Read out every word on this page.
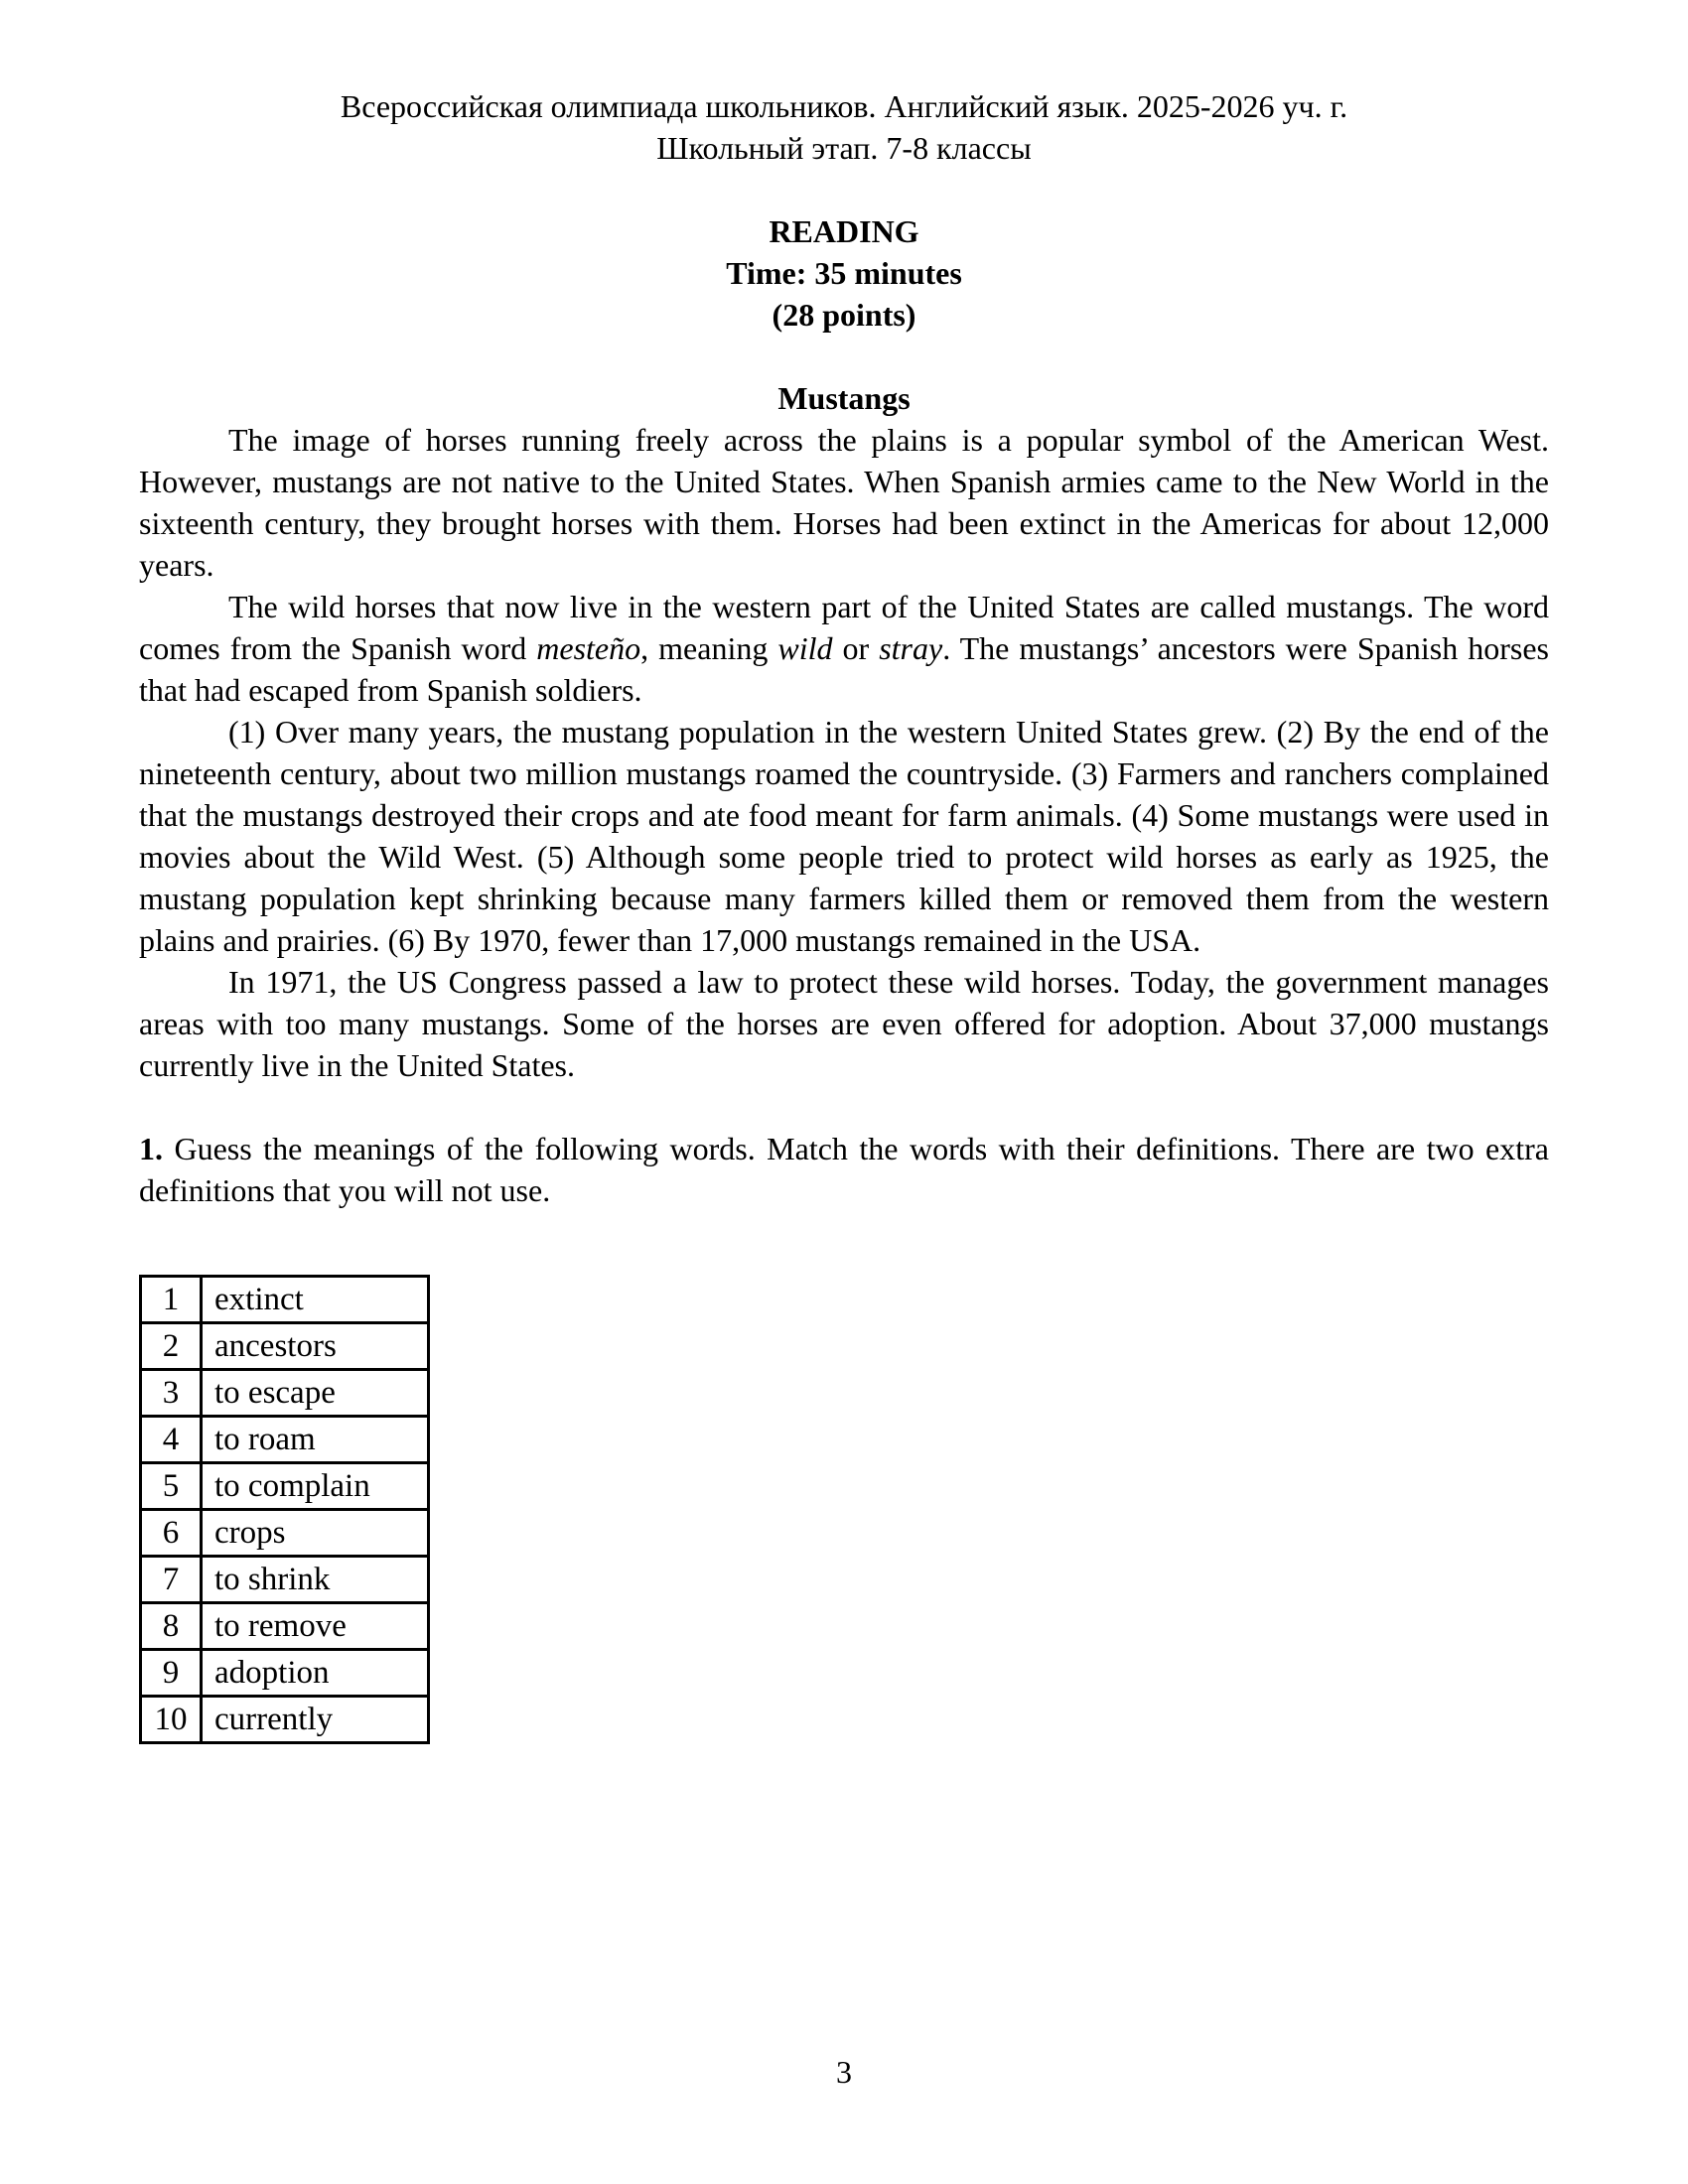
Всероссийская олимпиада школьников. Английский язык. 2025-2026 уч. г.
Школьный этап. 7-8 классы
READING
Time: 35 minutes
(28 points)
Mustangs

The image of horses running freely across the plains is a popular symbol of the American West. However, mustangs are not native to the United States. When Spanish armies came to the New World in the sixteenth century, they brought horses with them. Horses had been extinct in the Americas for about 12,000 years.

The wild horses that now live in the western part of the United States are called mustangs. The word comes from the Spanish word mesteño, meaning wild or stray. The mustangs’ ancestors were Spanish horses that had escaped from Spanish soldiers.

(1) Over many years, the mustang population in the western United States grew. (2) By the end of the nineteenth century, about two million mustangs roamed the countryside. (3) Farmers and ranchers complained that the mustangs destroyed their crops and ate food meant for farm animals. (4) Some mustangs were used in movies about the Wild West. (5) Although some people tried to protect wild horses as early as 1925, the mustang population kept shrinking because many farmers killed them or removed them from the western plains and prairies. (6) By 1970, fewer than 17,000 mustangs remained in the USA.

In 1971, the US Congress passed a law to protect these wild horses. Today, the government manages areas with too many mustangs. Some of the horses are even offered for adoption. About 37,000 mustangs currently live in the United States.

1. Guess the meanings of the following words. Match the words with their definitions. There are two extra definitions that you will not use.
1	extinct
2	ancestors
3	to escape
4	to roam
5	to complain
6	crops
7	to shrink
8	to remove
9	adoption
10	currently
3
